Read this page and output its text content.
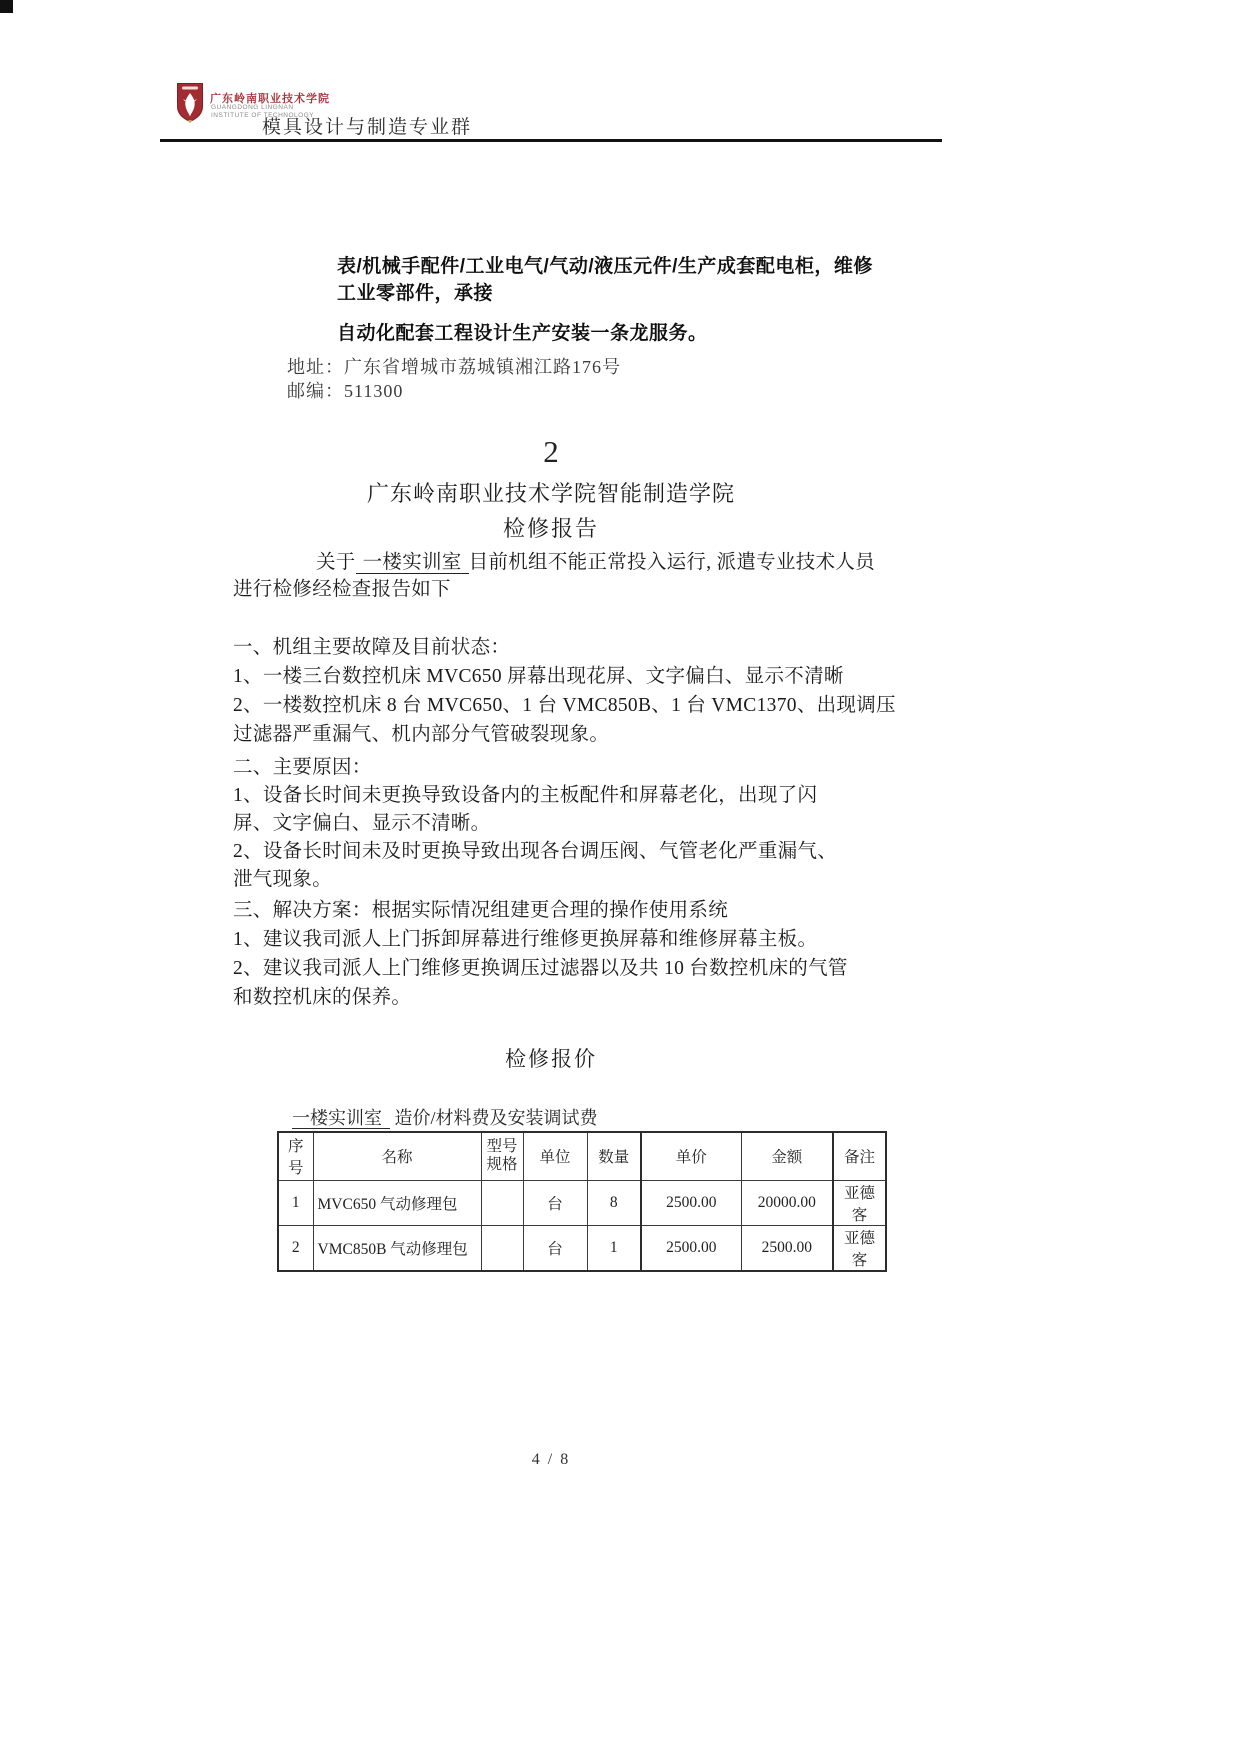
广东岭南职业技术学院
GUANGDONG LINGNAN
INSTITUTE OF TECHNOLOGY
模具设计与制造专业群
表/机械手配件/工业电气/气动/液压元件/生产成套配电柜，维修工业零部件，承接
自动化配套工程设计生产安装一条龙服务。
地址：广东省增城市荔城镇湘江路176号
邮编：511300
2
广东岭南职业技术学院智能制造学院
检修报告
关于 一楼实训室 目前机组不能正常投入运行, 派遣专业技术人员进行检修经检查报告如下
一、机组主要故障及目前状态：
1、一楼三台数控机床 MVC650 屏幕出现花屏、文字偏白、显示不清晰
2、一楼数控机床 8 台 MVC650、1 台 VMC850B、1 台 VMC1370、出现调压
过滤器严重漏气、机内部分气管破裂现象。
二、主要原因：
1、设备长时间未更换导致设备内的主板配件和屏幕老化，出现了闪
屏、文字偏白、显示不清晰。
2、设备长时间未及时更换导致出现各台调压阀、气管老化严重漏气、
泄气现象。
三、解决方案：根据实际情况组建更合理的操作使用系统
1、建议我司派人上门拆卸屏幕进行维修更换屏幕和维修屏幕主板。
2、建议我司派人上门维修更换调压过滤器以及共 10 台数控机床的气管
和数控机床的保养。
检修报价
一楼实训室 造价/材料费及安装调试费
序号	名称	型号规格	单位	数量	单价	金额	备注
1	MVC650 气动修理包		台	8	2500.00	20000.00	亚德客
2	VMC850B 气动修理包		台	1	2500.00	2500.00	亚德客
4 / 8
